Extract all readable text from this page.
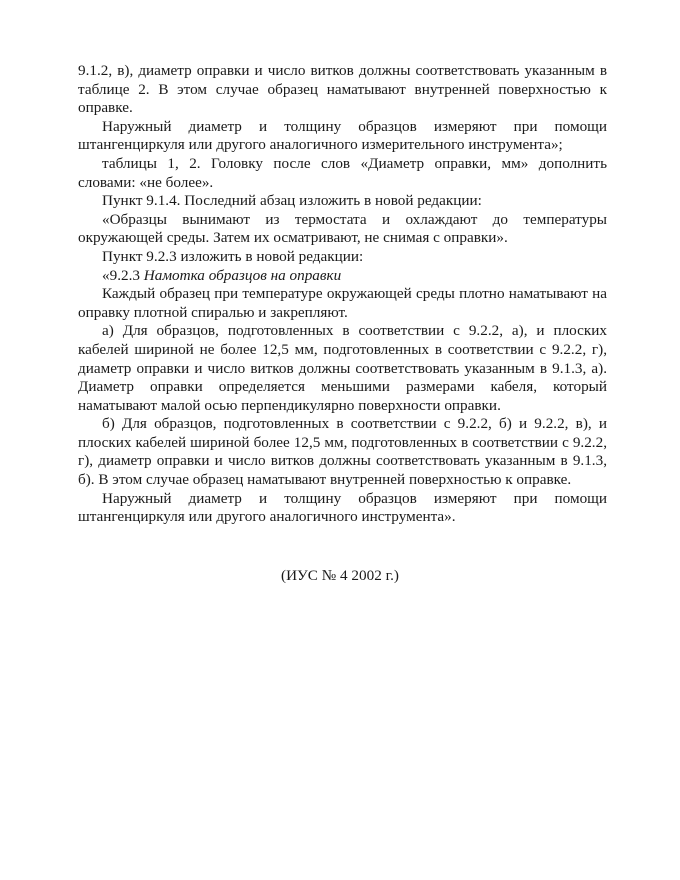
9.1.2, в), диаметр оправки и число витков должны соответствовать указанным в таблице 2. В этом случае образец наматывают внутренней поверхностью к оправке.

Наружный диаметр и толщину образцов измеряют при помощи штангенциркуля или другого аналогичного измерительного инструмента»;

таблицы 1, 2. Головку после слов «Диаметр оправки, мм» дополнить словами: «не более».

Пункт 9.1.4. Последний абзац изложить в новой редакции:

«Образцы вынимают из термостата и охлаждают до температуры окружающей среды. Затем их осматривают, не снимая с оправки».

Пункт 9.2.3 изложить в новой редакции:

«9.2.3 Намотка образцов на оправки

Каждый образец при температуре окружающей среды плотно наматывают на оправку плотной спиралью и закрепляют.

а) Для образцов, подготовленных в соответствии с 9.2.2, а), и плоских кабелей шириной не более 12,5 мм, подготовленных в соответствии с 9.2.2, г), диаметр оправки и число витков должны соответствовать указанным в 9.1.3, а). Диаметр оправки определяется меньшими размерами кабеля, который наматывают малой осью перпендикулярно поверхности оправки.

б) Для образцов, подготовленных в соответствии с 9.2.2, б) и 9.2.2, в), и плоских кабелей шириной более 12,5 мм, подготовленных в соответствии с 9.2.2, г), диаметр оправки и число витков должны соответствовать указанным в 9.1.3, б). В этом случае образец наматывают внутренней поверхностью к оправке.

Наружный диаметр и толщину образцов измеряют при помощи штангенциркуля или другого аналогичного инструмента».

(ИУС № 4 2002 г.)
